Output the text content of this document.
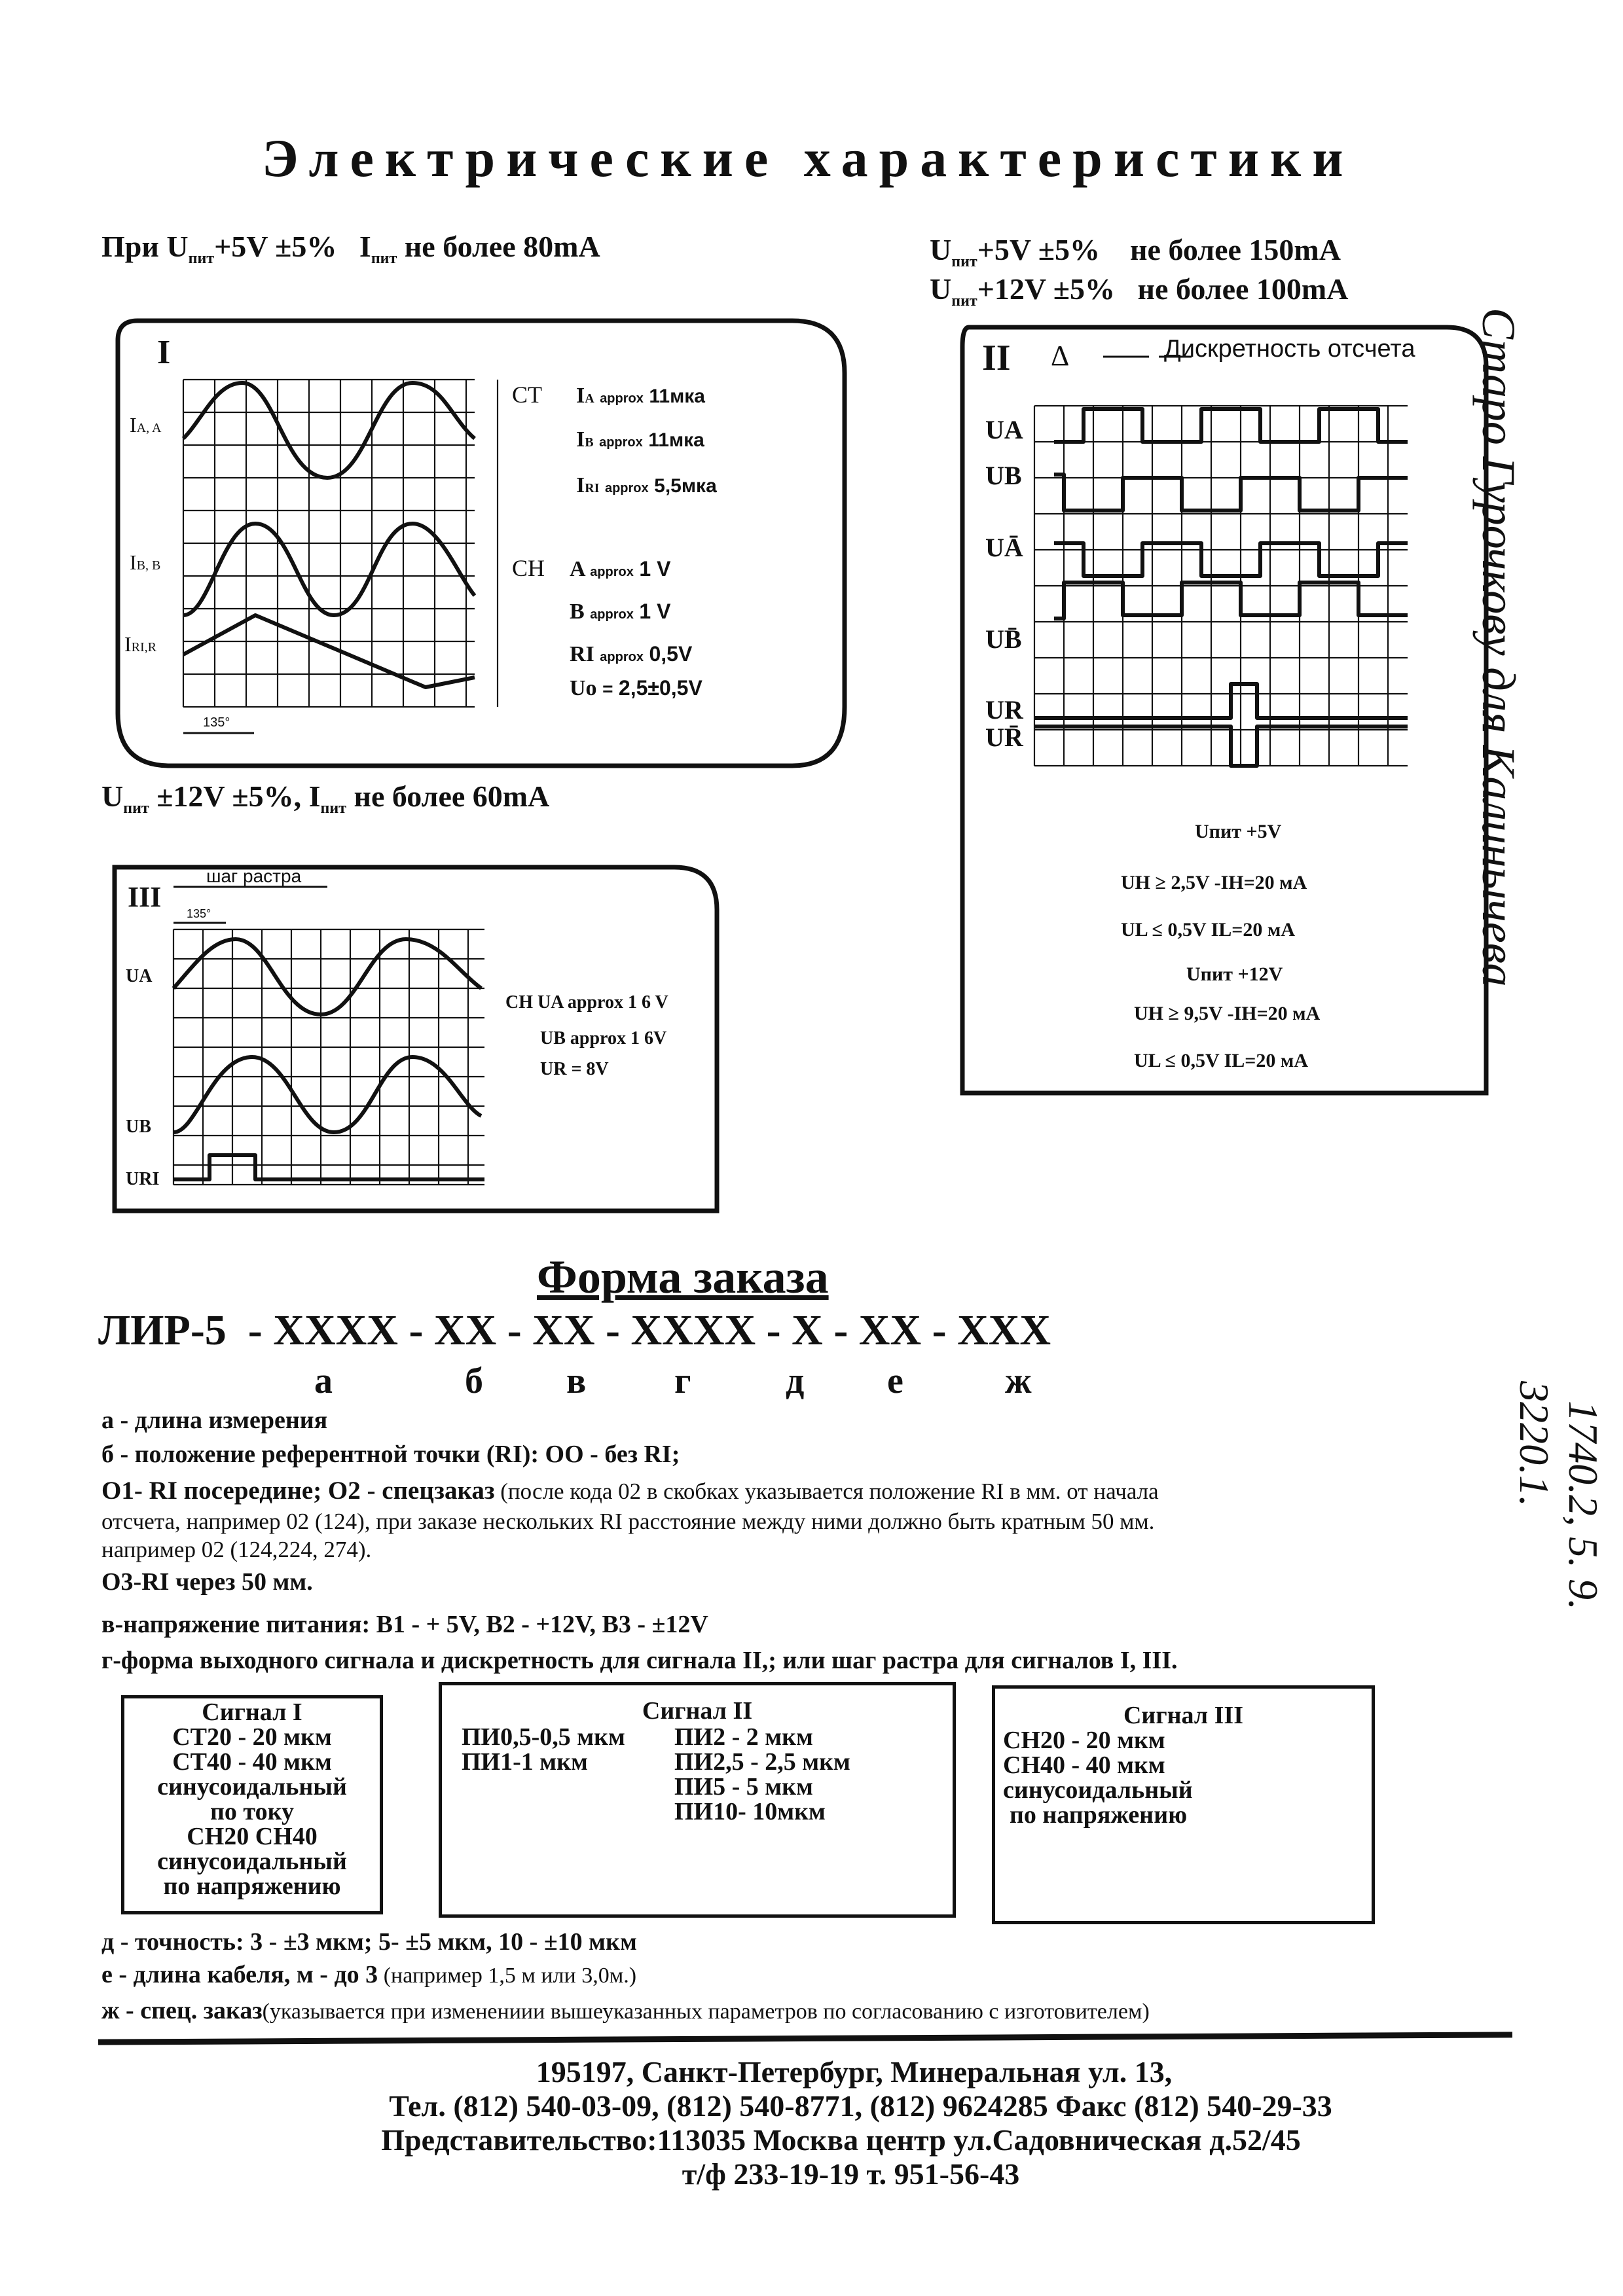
Электрические характеристики
При $U_{пит}+5V \pm 5\%$ $I_{пит}$ не более 80mA	$U_{пит}+5V \pm 5\%$ не более 150mA
$U_{пит}+12V \pm 5\%$ не более 100mA
$U_{пит} \pm 12V \pm 5\%$, $I_{пит}$ не более 60mA
I
135°
IA, A
IB, B
IRI,R
CT IA approx 11мка
IB approx 11мка
IRI approx 5,5мка
CH A approx 1 V
B approx 1 V
RI approx 0,5V
Uo = 2,5±0,5V
II Δ	Дискретность отсчета
UA
UB
UĀ
UB̄
UR
UR̄
Uпит +5V
UH ≥ 2,5V -IH=20 мA
UL ≤ 0,5V IL=20 мA
Uпит +12V
UH ≥ 9,5V -IH=20 мA
UL ≤ 0,5V IL=20 мA
III
шаг растра
135°
UA
UB
URI
CH UA approx 1 6 V
UB approx 1 6V
UR = 8V
Форма заказа
ЛИР-5  - XXXX - XX - XX - XXXX - X - XX - XXX
а	б в г	д е	ж
а - длина измерения
б - положение референтной точки (RI): ОО - без RI;
О1- RI посередине; О2 - спецзаказ (после кода 02 в скобках указывается положение RI в мм. от начала
отсчета, например 02 (124), при заказе нескольких RI расстояние между ними должно быть кратным 50 мм.
например 02 (124,224, 274).
О3-RI через 50 мм.
в-напряжение питания: В1 - + 5V, В2 - +12V, В3 - ±12V
г-форма выходного сигнала и дискретность для сигнала II,; или шаг растра для сигналов I, III.
Сигнал I
СТ20 - 20 мкм
СТ40 - 40 мкм
синусоидальный
по току
СН20 СН40
синусоидальный
по напряжению
Сигнал II
ПИ0,5-0,5 мкм
ПИ1-1 мкм
ПИ2 - 2 мкм
ПИ2,5 - 2,5 мкм
ПИ5 - 5 мкм
ПИ10- 10мкм
Сигнал III
СН20 - 20 мкм
СН40 - 40 мкм
синусоидальный
по напряжению
д - точность: 3 - ±3 мкм; 5- ±5 мкм, 10 - ±10 мкм
е - длина кабеля, м - до 3 (например 1,5 м или 3,0м.)
ж - спец. заказ(указывается при изменениии вышеуказанных параметров по согласованию с изготовителем)
195197, Санкт-Петербург, Минеральная ул. 13,
Тел. (812) 540-03-09, (812) 540-8771, (812) 9624285 Факс (812) 540-29-33
Представительство:113035 Москва центр ул.Садовническая д.52/45
т/ф 233-19-19 т. 951-56-43
Старо Гурочкову для Калинычева
1740.2, 5. 9.
3220.1.
